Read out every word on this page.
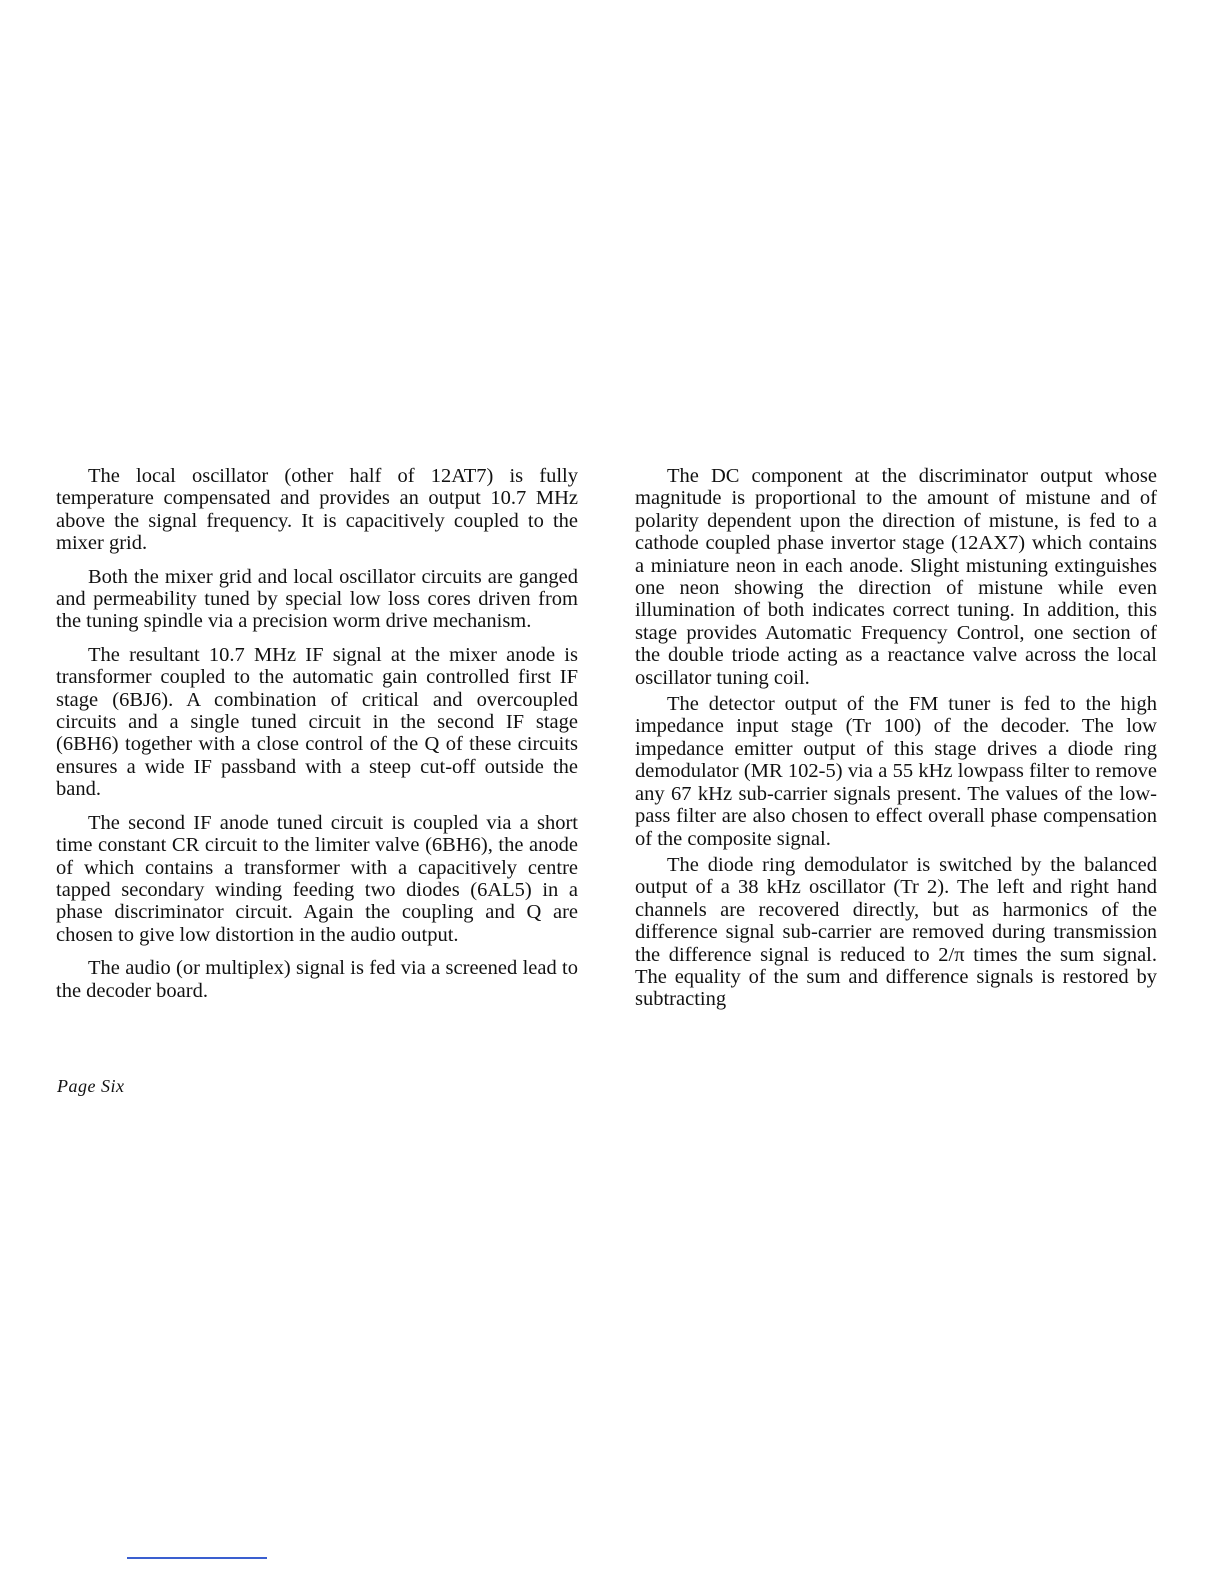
The local oscillator (other half of 12AT7) is fully temperature compensated and provides an output 10.7 MHz above the signal frequency. It is capacitively coupled to the mixer grid.

Both the mixer grid and local oscillator circuits are ganged and permeability tuned by special low loss cores driven from the tuning spindle via a precision worm drive mechanism.

The resultant 10.7 MHz IF signal at the mixer anode is transformer coupled to the automatic gain controlled first IF stage (6BJ6). A combination of critical and overcoupled circuits and a single tuned circuit in the second IF stage (6BH6) together with a close control of the Q of these circuits ensures a wide IF passband with a steep cut-off outside the band.

The second IF anode tuned circuit is coupled via a short time constant CR circuit to the limiter valve (6BH6), the anode of which contains a transformer with a capacitively centre tapped secondary winding feeding two diodes (6AL5) in a phase discriminator circuit. Again the coupling and Q are chosen to give low distortion in the audio output.

The audio (or multiplex) signal is fed via a screened lead to the decoder board.

The DC component at the discriminator output whose magnitude is proportional to the amount of mistune and of polarity dependent upon the direction of mistune, is fed to a cathode coupled phase invertor stage (12AX7) which contains a miniature neon in each anode. Slight mistuning extinguishes one neon showing the direction of mistune while even illumination of both indicates correct tuning. In addition, this stage provides Automatic Frequency Control, one section of the double triode acting as a reactance valve across the local oscillator tuning coil.

The detector output of the FM tuner is fed to the high impedance input stage (Tr 100) of the decoder. The low impedance emitter output of this stage drives a diode ring demodulator (MR 102-5) via a 55 kHz lowpass filter to remove any 67 kHz sub-carrier signals present. The values of the low-pass filter are also chosen to effect overall phase compensation of the composite signal.

The diode ring demodulator is switched by the balanced output of a 38 kHz oscillator (Tr 2). The left and right hand channels are recovered directly, but as harmonics of the difference signal sub-carrier are removed during transmission the difference signal is reduced to 2/π times the sum signal. The equality of the sum and difference signals is restored by subtracting

Page Six
